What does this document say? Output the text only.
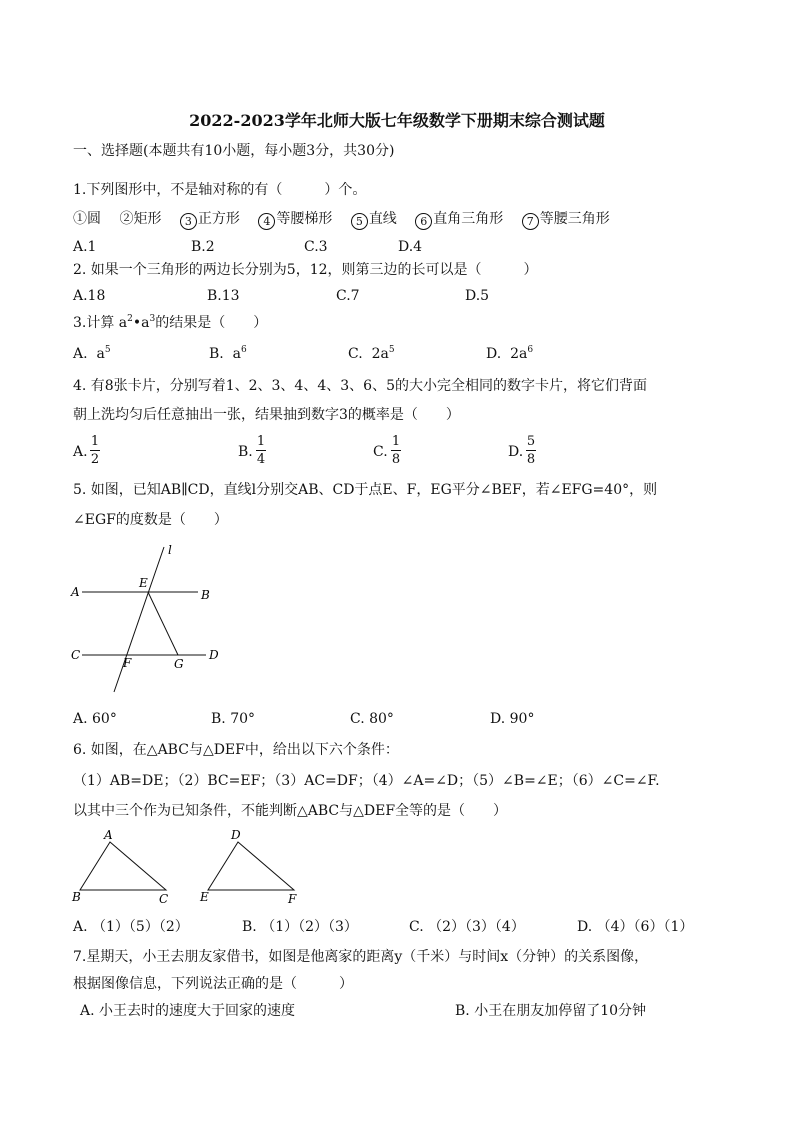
2022-2023学年北师大版七年级数学下册期末综合测试题
一、选择题(本题共有10小题，每小题3分，共30分)
1.下列图形中，不是轴对称的有（　　　）个。
①圆 ②矩形 3 正方形 4 等腰梯形 5 直线 6 直角三角形 7 等腰三角形
A.1	B.2	C.3	D.4
2. 如果一个三角形的两边长分别为5，12，则第三边的长可以是（　　　）
A.18	B.13	C.7	D.5
3.计算 $a^2•a^3$的结果是（　　）
A.  $a^5$	B.  $a^6$	C.  $2a^5$	D.  $2a^6$
4. 有8张卡片，分别写着1、2、3、4、4、3、6、5的大小完全相同的数字卡片，将它们背面
朝上洗均匀后任意抽出一张，结果抽到数字3的概率是（　　）
A.
1
2	B.
1
4	C.
1
8	D.
5
8
5. 如图，已知AB∥CD，直线l分别交AB、CD于点E、F，EG平分∠BEF，若∠EFG=40°，则
∠EGF的度数是（　　）
l
A	B
E
C	D
F	G
A. 60°	B. 70°	C. 80°	D. 90°
6. 如图，在△ABC与△DEF中，给出以下六个条件：
（1）AB=DE；（2）BC=EF；（3）AC=DF；（4）∠A=∠D；（5）∠B=∠E；（6）∠C=∠F.
以其中三个作为已知条件，不能判断△ABC与△DEF全等的是（　　）
A
B	C
D
E	F
A. （1）（5）（2）	B. （1）（2）（3）	C. （2）（3）（4）	D. （4）（6）（1）
7.星期天，小王去朋友家借书，如图是他离家的距离y（千米）与时间x（分钟）的关系图像，
根据图像信息，下列说法正确的是（　　　）
A. 小王去时的速度大于回家的速度	B. 小王在朋友加停留了10分钟
